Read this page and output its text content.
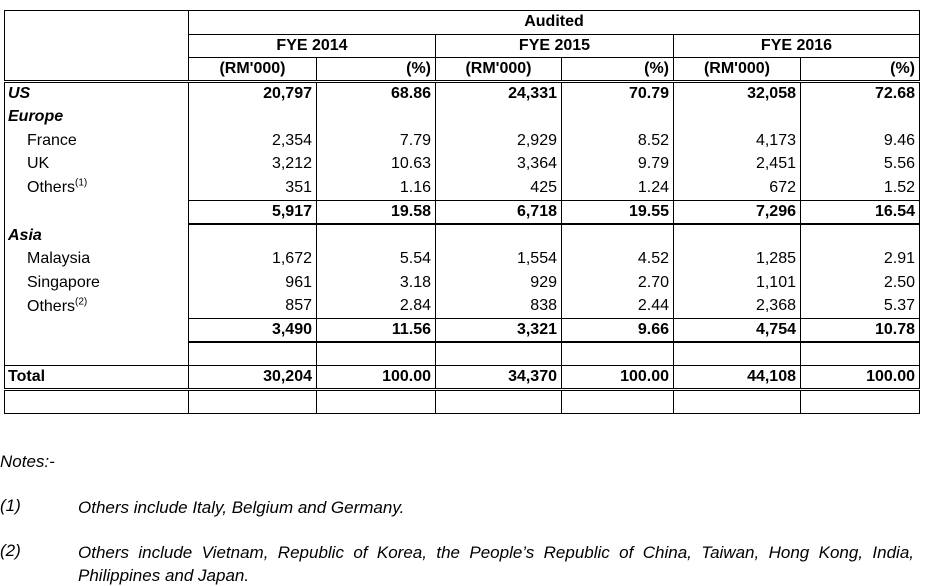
	Audited					
	FYE 2014		FYE 2015		FYE 2016	
	(RM'000)	(%)	(RM'000)	(%)	(RM'000)	(%)
US	20,797	68.86	24,331	70.79	32,058	72.68
Europe						
France	2,354	7.79	2,929	8.52	4,173	9.46
UK	3,212	10.63	3,364	9.79	2,451	5.56
Others$^{(1)}$	351	1.16	425	1.24	672	1.52
	5,917	19.58	6,718	19.55	7,296	16.54
Asia						
Malaysia	1,672	5.54	1,554	4.52	1,285	2.91
Singapore	961	3.18	929	2.70	1,101	2.50
Others$^{(2)}$	857	2.84	838	2.44	2,368	5.37
	3,490	11.56	3,321	9.66	4,754	10.78

Total	30,204	100.00	34,370	100.00	44,108	100.00

Notes:-
(1)	Others include Italy, Belgium and Germany.
(2)	Others include Vietnam, Republic of Korea, the People’s Republic of China, Taiwan, Hong Kong, India, Philippines and Japan.
